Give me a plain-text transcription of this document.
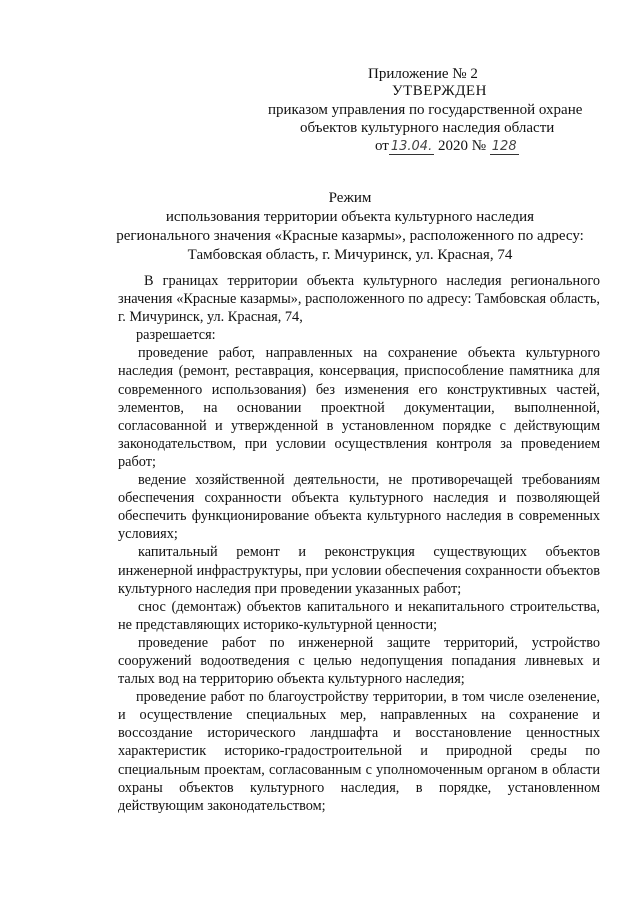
Приложение № 2
УТВЕРЖДЕН
приказом управления по государственной охране
объектов культурного наследия области
от 13.04. 2020 № 128
Режим
использования территории объекта культурного наследия
регионального значения «Красные казармы», расположенного по адресу:
Тамбовская область, г. Мичуринск, ул. Красная, 74

В границах территории объекта культурного наследия регионального значения «Красные казармы», расположенного по адресу: Тамбовская область, г. Мичуринск, ул. Красная, 74,

разрешается:

проведение работ, направленных на сохранение объекта культурного наследия (ремонт, реставрация, консервация, приспособление памятника для современного использования) без изменения его конструктивных частей, элементов, на основании проектной документации, выполненной, согласованной и утвержденной в установленном порядке с действующим законодательством, при условии осуществления контроля за проведением работ;

ведение хозяйственной деятельности, не противоречащей требованиям обеспечения сохранности объекта культурного наследия и позволяющей обеспечить функционирование объекта культурного наследия в современных условиях;

капитальный ремонт и реконструкция существующих объектов инженерной инфраструктуры, при условии обеспечения сохранности объектов культурного наследия при проведении указанных работ;

снос (демонтаж) объектов капитального и некапитального строительства, не представляющих историко-культурной ценности;

проведение работ по инженерной защите территорий, устройство сооружений водоотведения с целью недопущения попадания ливневых и талых вод на территорию объекта культурного наследия;

проведение работ по благоустройству территории, в том числе озеленение, и осуществление специальных мер, направленных на сохранение и воссоздание исторического ландшафта и восстановление ценностных характеристик историко-градостроительной и природной среды по специальным проектам, согласованным с уполномоченным органом в области охраны объектов культурного наследия, в порядке, установленном действующим законодательством;
